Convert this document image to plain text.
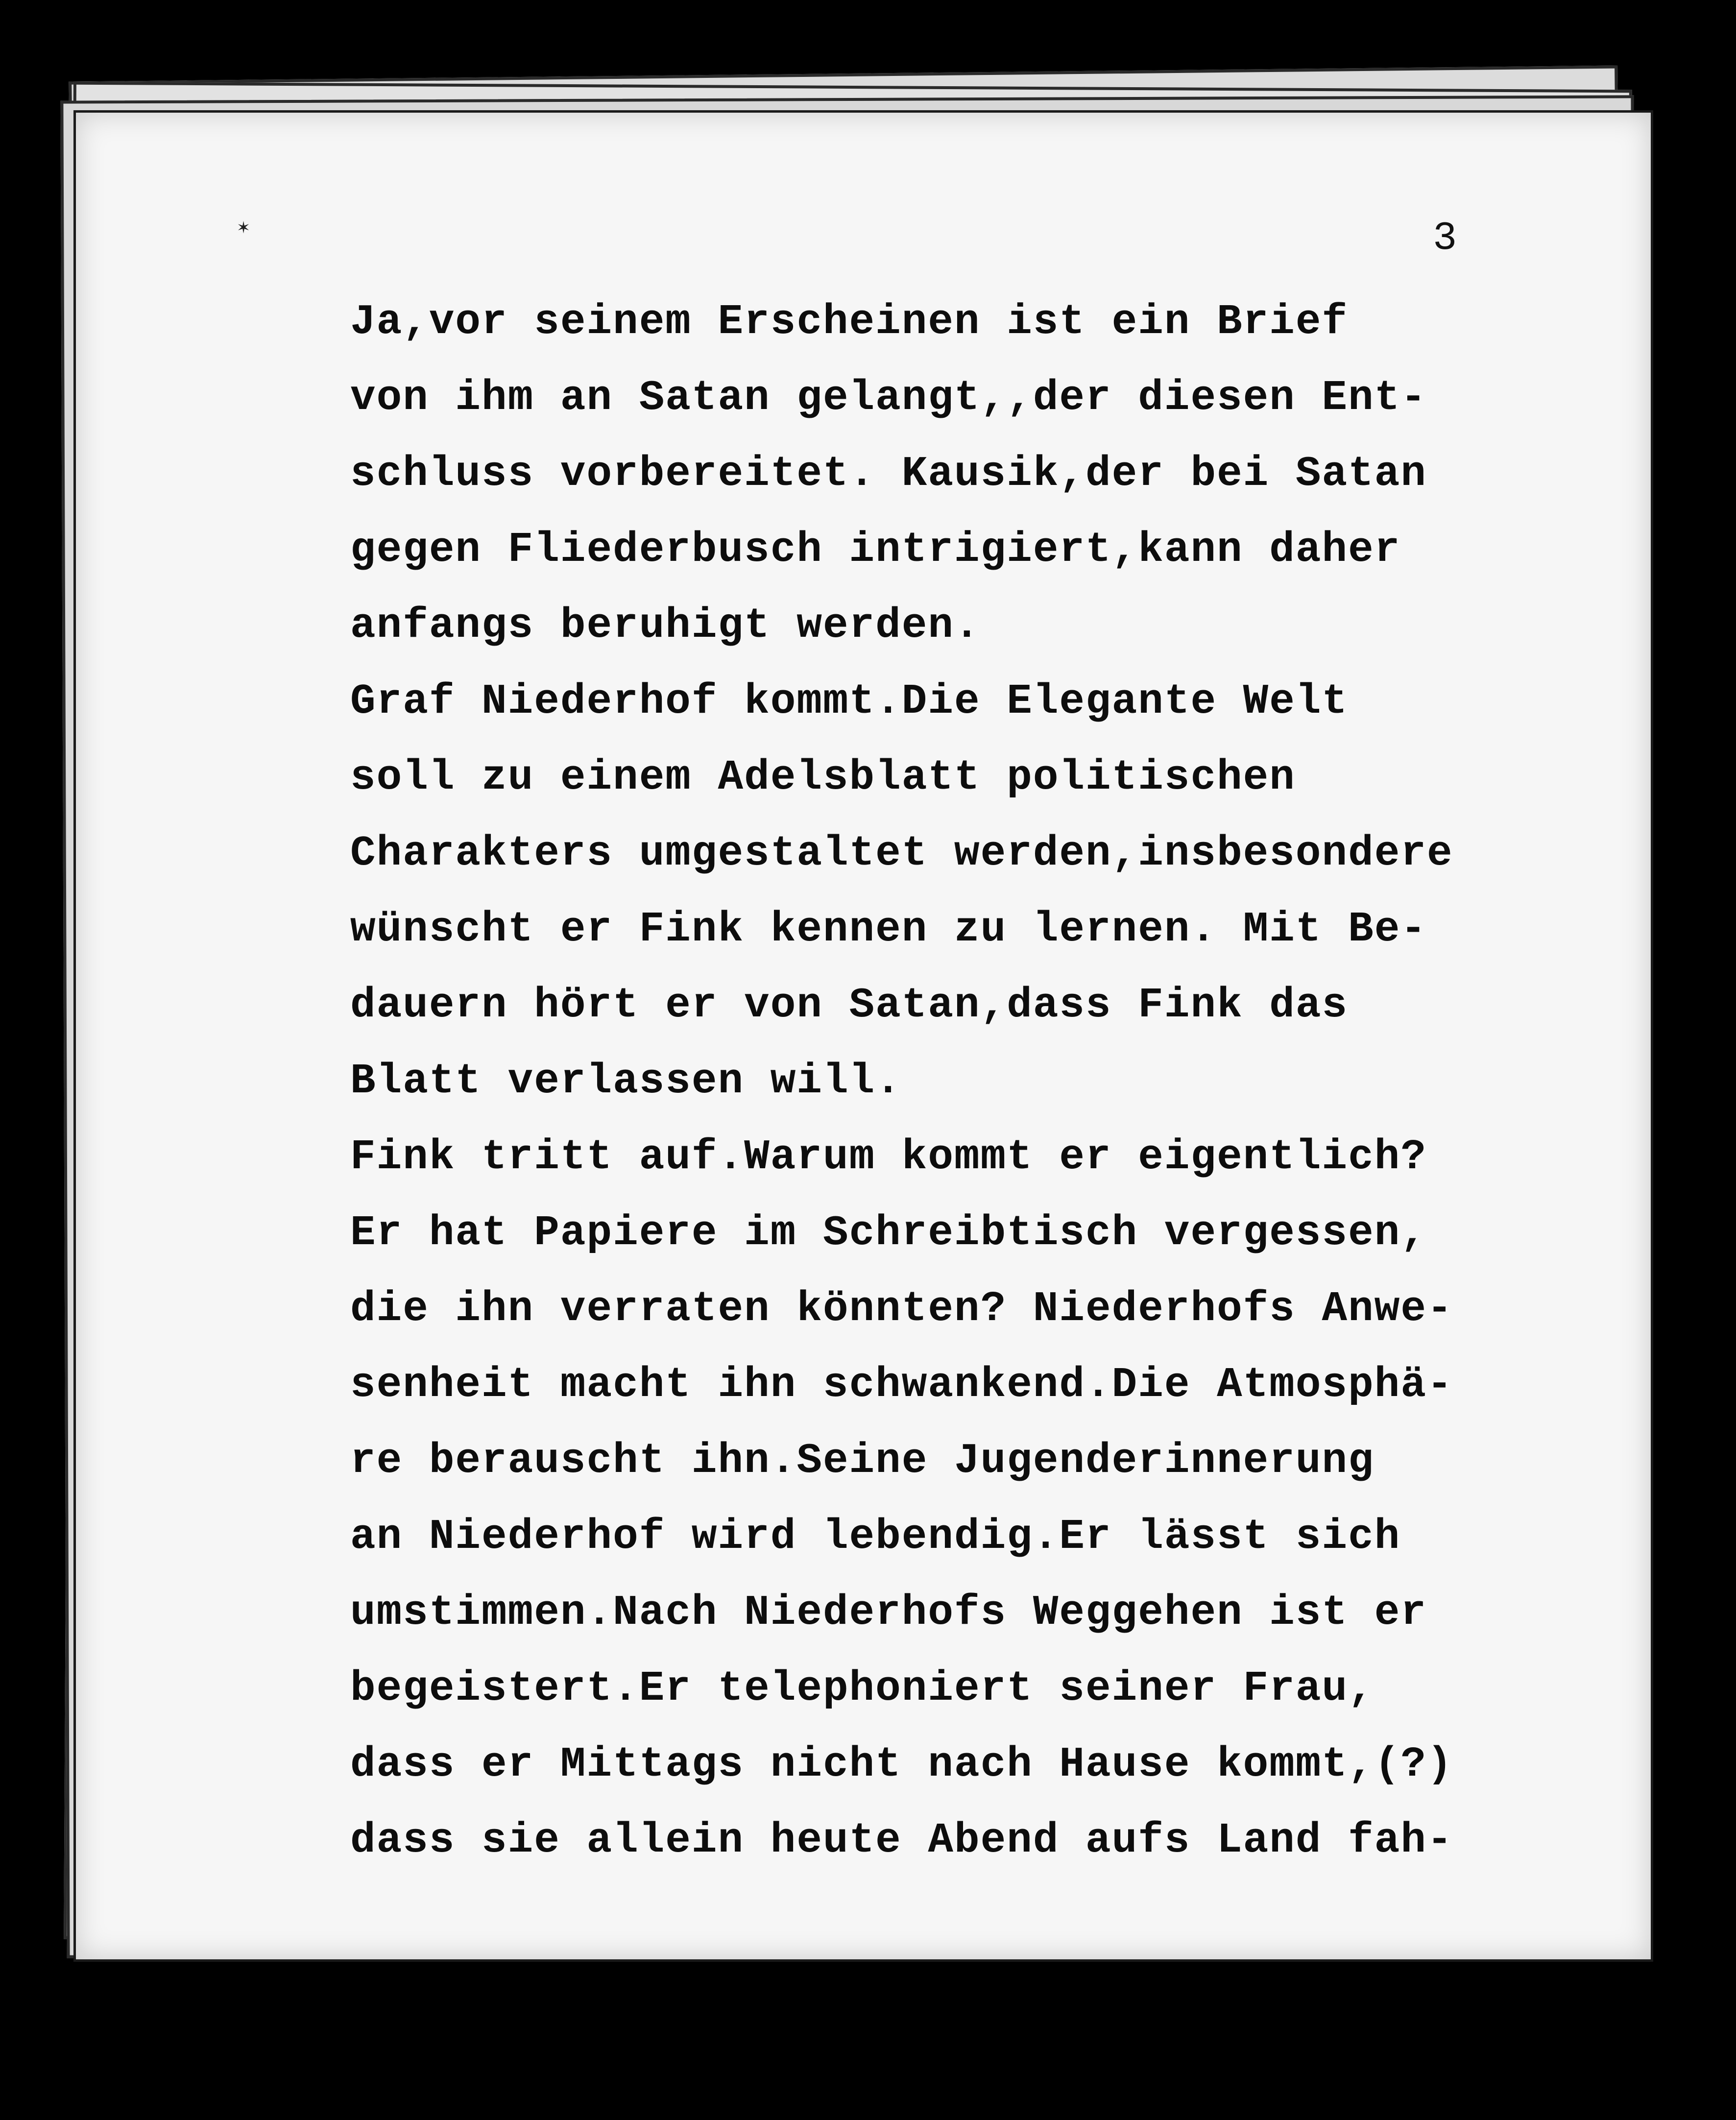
✶	3
Ja,vor seinem Erscheinen ist ein Brief
von ihm an Satan gelangt,,der diesen Ent-
schluss vorbereitet. Kausik,der bei Satan
gegen Fliederbusch intrigiert,kann daher
anfangs beruhigt werden.
Graf Niederhof kommt.Die Elegante Welt
soll zu einem Adelsblatt politischen
Charakters umgestaltet werden,insbesondere
wünscht er Fink kennen zu lernen. Mit Be-
dauern hört er von Satan,dass Fink das
Blatt verlassen will.
Fink tritt auf.Warum kommt er eigentlich?
Er hat Papiere im Schreibtisch vergessen,
die ihn verraten könnten? Niederhofs Anwe-
senheit macht ihn schwankend.Die Atmosphä-
re berauscht ihn.Seine Jugenderinnerung
an Niederhof wird lebendig.Er lässt sich
umstimmen.Nach Niederhofs Weggehen ist er
begeistert.Er telephoniert seiner Frau,
dass er Mittags nicht nach Hause kommt,(?)
dass sie allein heute Abend aufs Land fah-
